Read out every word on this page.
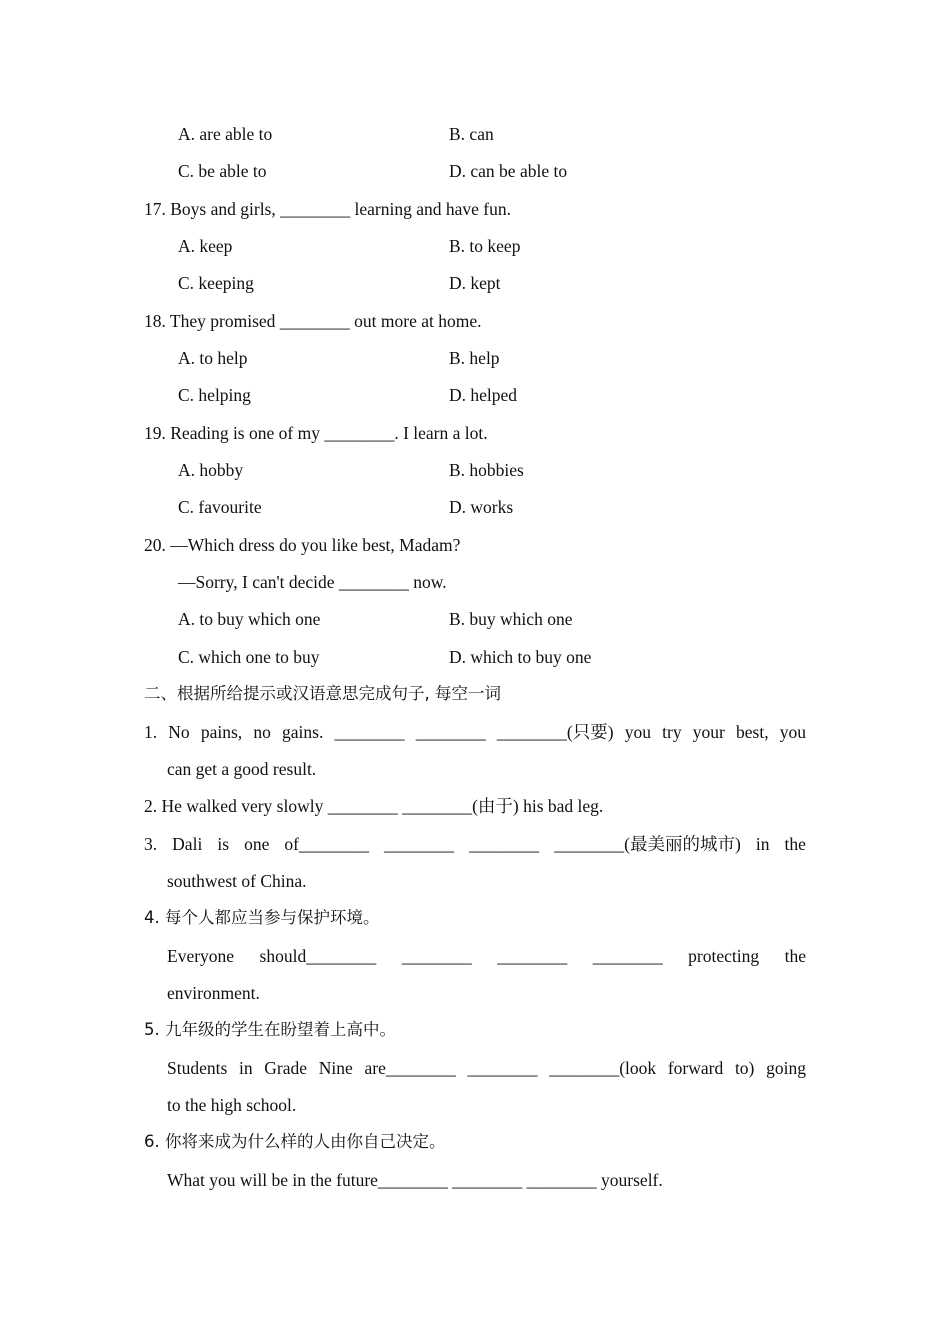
A. are able to	B. can
C. be able to	D. can be able to
17. Boys and girls, ________ learning and have fun.
A. keep	B. to keep
C. keeping	D. kept
18. They promised ________ out more at home.
A. to help	B. help
C. helping	D. helped
19. Reading is one of my ________. I learn a lot.
A. hobby	B. hobbies
C. favourite	D. works
20. —Which dress do you like best, Madam?
—Sorry, I can't decide ________ now.
A. to buy which one	B. buy which one
C. which one to buy	D. which to buy one
二、根据所给提示或汉语意思完成句子, 每空一词
1. No pains, no gains. ________ ________ ________(只要) you try your best, you
can get a good result.
2. He walked very slowly ________ ________(由于) his bad leg.
3. Dali is one of________ ________ ________ ________(最美丽的城市) in the
southwest of China.
4. 每个人都应当参与保护环境。
Everyone should________ ________ ________ ________ protecting the
environment.
5. 九年级的学生在盼望着上高中。
Students in Grade Nine are________ ________ ________(look forward to) going
to the high school.
6. 你将来成为什么样的人由你自己决定。
What you will be in the future________ ________ ________ yourself.
